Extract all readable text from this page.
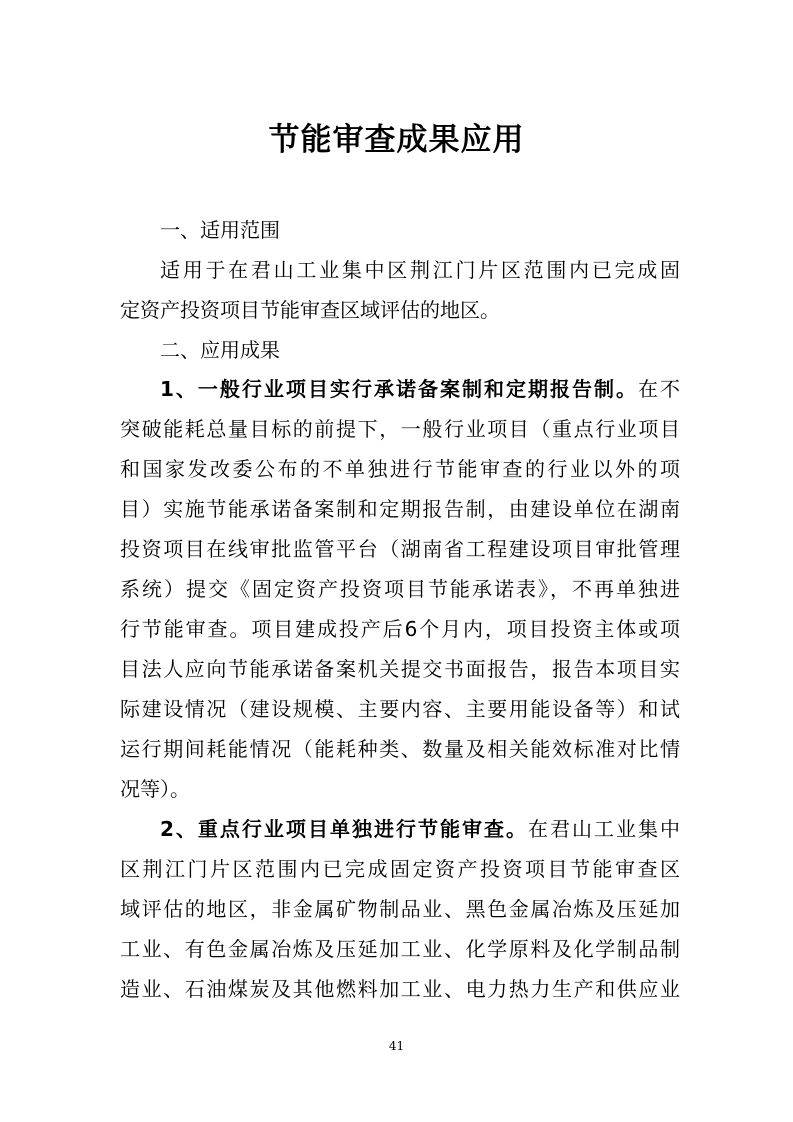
节能审查成果应用
一、适用范围
适用于在君山工业集中区荆江门片区范围内已完成固
定资产投资项目节能审查区域评估的地区。
二、应用成果
1、一般行业项目实行承诺备案制和定期报告制。在不
突破能耗总量目标的前提下，一般行业项目（重点行业项目
和国家发改委公布的不单独进行节能审查的行业以外的项
目）实施节能承诺备案制和定期报告制，由建设单位在湖南
投资项目在线审批监管平台（湖南省工程建设项目审批管理
系统）提交《固定资产投资项目节能承诺表》，不再单独进
行节能审查。项目建成投产后6个月内，项目投资主体或项
目法人应向节能承诺备案机关提交书面报告，报告本项目实
际建设情况（建设规模、主要内容、主要用能设备等）和试
运行期间耗能情况（能耗种类、数量及相关能效标准对比情
况等）。
2、重点行业项目单独进行节能审查。在君山工业集中
区荆江门片区范围内已完成固定资产投资项目节能审查区
域评估的地区，非金属矿物制品业、黑色金属冶炼及压延加
工业、有色金属冶炼及压延加工业、化学原料及化学制品制
造业、石油煤炭及其他燃料加工业、电力热力生产和供应业
41
